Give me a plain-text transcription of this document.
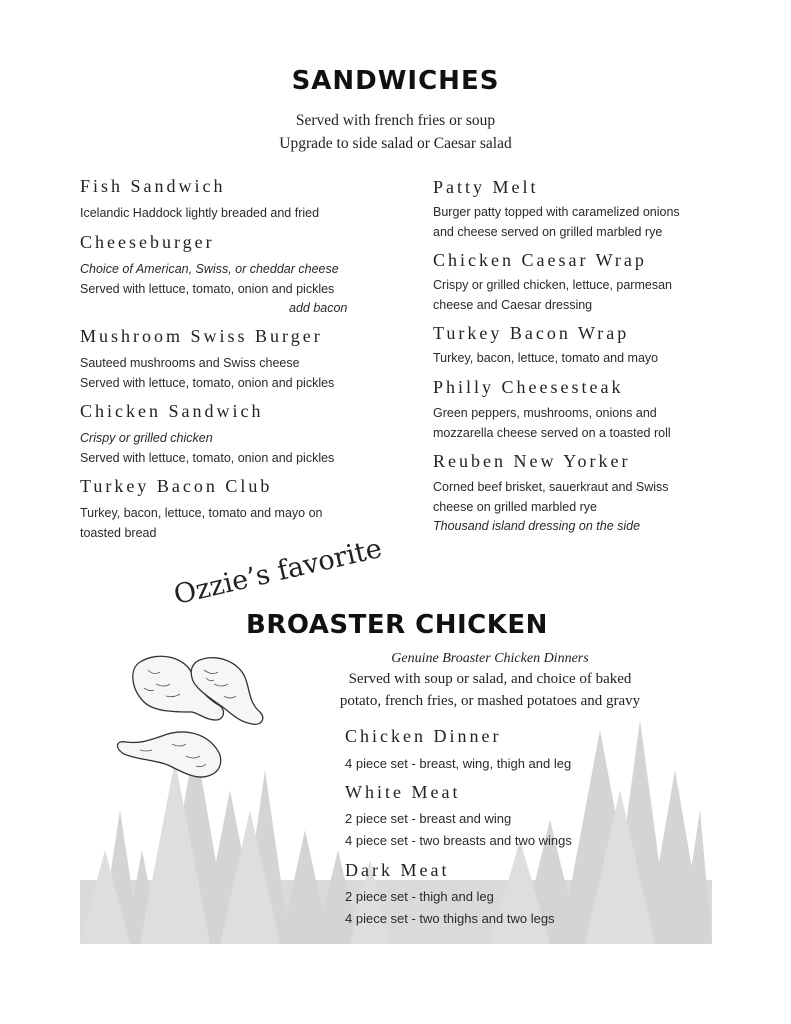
SANDWICHES
Served with french fries or soup
Upgrade to side salad or Caesar salad
Fish Sandwich
Icelandic Haddock lightly breaded and fried
Cheeseburger
Choice of American, Swiss, or cheddar cheese
Served with lettuce, tomato, onion and pickles
add bacon
Mushroom Swiss Burger
Sauteed mushrooms and Swiss cheese
Served with lettuce, tomato, onion and pickles
Chicken Sandwich
Crispy or grilled chicken
Served with lettuce, tomato, onion and pickles
Turkey Bacon Club
Turkey, bacon, lettuce, tomato and mayo on
toasted bread
Patty Melt
Burger patty topped with caramelized onions
and cheese served on grilled marbled rye
Chicken Caesar Wrap
Crispy or grilled chicken, lettuce, parmesan
cheese and Caesar dressing
Turkey Bacon Wrap
Turkey, bacon, lettuce, tomato and mayo
Philly Cheesesteak
Green peppers, mushrooms, onions and
mozzarella cheese served on a toasted roll
Reuben New Yorker
Corned beef brisket, sauerkraut and Swiss
cheese on grilled marbled rye
Thousand island dressing on the side
Ozzie’s favorite
BROASTER CHICKEN
Genuine Broaster Chicken Dinners
Served with soup or salad, and choice of baked
potato, french fries, or mashed potatoes and gravy
Chicken Dinner
4 piece set - breast, wing, thigh and leg
White Meat
2 piece set - breast and wing
4 piece set - two breasts and two wings
Dark Meat
2 piece set - thigh and leg
4 piece set - two thighs and two legs
